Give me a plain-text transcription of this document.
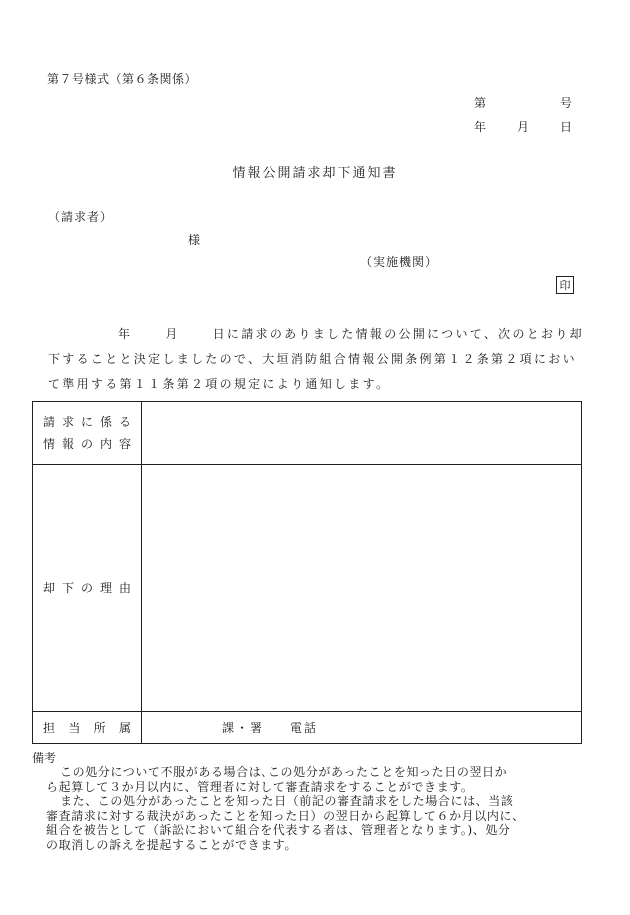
第７号様式（第６条関係）
第	号
年	月	日
情報公開請求却下通知書
（請求者）
様
（実施機関）
印
年	月	日に請求のありました情報の公開について、次のとおり却
下することと決定しましたので、大垣消防組合情報公開条例第１２条第２項におい
て準用する第１１条第２項の規定により通知します。
請求に係る
情報の内容	

却下の理由	

担 当 所 属	課・署 電話
備考

この処分について不服がある場合は､この処分があったことを知った日の翌日か

ら起算して３か月以内に、管理者に対して審査請求をすることができます。

また、この処分があったことを知った日（前記の審査請求をした場合には、当該

審査請求に対する裁決があったことを知った日）の翌日から起算して６か月以内に、

組合を被告として（訴訟において組合を代表する者は、管理者となります。)、処分

の取消しの訴えを提起することができます。
